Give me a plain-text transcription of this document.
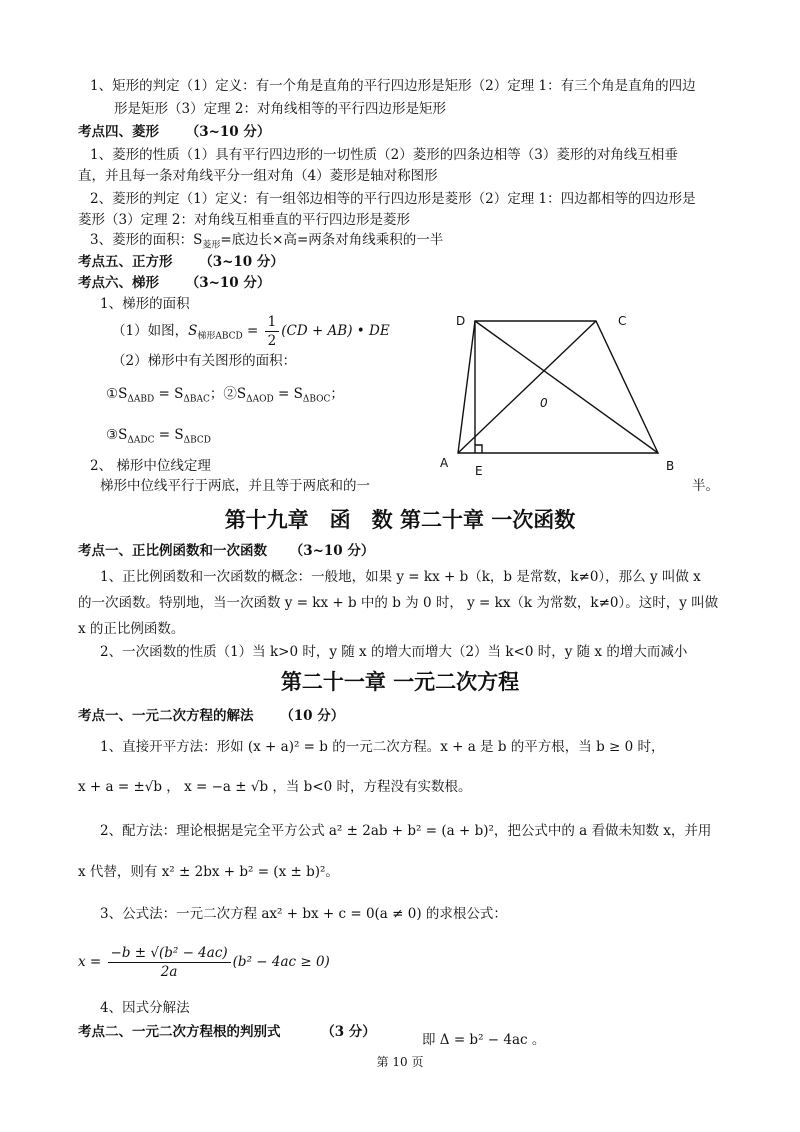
1、矩形的判定（1）定义：有一个角是直角的平行四边形是矩形（2）定理 1：有三个角是直角的四边
形是矩形（3）定理 2：对角线相等的平行四边形是矩形
考点四、菱形 （3~10 分）
1、菱形的性质（1）具有平行四边形的一切性质（2）菱形的四条边相等（3）菱形的对角线互相垂
直，并且每一条对角线平分一组对角（4）菱形是轴对称图形
2、菱形的判定（1）定义：有一组邻边相等的平行四边形是菱形（2）定理 1：四边都相等的四边形是
菱形（3）定理 2：对角线互相垂直的平行四边形是菱形
3、菱形的面积：$S_{菱形}=$底边长×高=两条对角线乘积的一半
考点五、正方形 （3~10 分）
考点六、梯形 （3~10 分）
1、梯形的面积
（1）如图，$S_{梯形ABCD} = \frac{1}{2} (CD + AB)$ • DE
（2）梯形中有关图形的面积：
$①S_{\Delta ABD} = S_{\Delta BAC}$；$②S_{\Delta AOD} = S_{\Delta BOC}$；
$③S_{\Delta ADC} = S_{\Delta BCD}$
2、 梯形中位线定理
梯形中位线平行于两底，并且等于两底和的一	半。
D	C
A
E	B
0
第十九章　函　数 第二十章 一次函数
考点一、正比例函数和一次函数 （3~10 分）
1、正比例函数和一次函数的概念：一般地，如果 y = kx + b（k，b 是常数，k≠0），那么 y 叫做 x
的一次函数。特别地，当一次函数 y = kx + b 中的 b 为 0 时， y = kx（k 为常数，k≠0）。这时，y 叫做
x 的正比例函数。
2、一次函数的性质（1）当 k>0 时，y 随 x 的增大而增大（2）当 k<0 时，y 随 x 的增大而减小
第二十一章 一元二次方程
考点一、一元二次方程的解法 （10 分）
1、直接开平方法：形如 (x + a)² = b 的一元二次方程。x + a 是 b 的平方根，当 b ≥ 0 时，
x + a = ±√b ， x = −a ± √b ，当 b<0 时，方程没有实数根。
2、配方法：理论根据是完全平方公式 a² ± 2ab + b² = (a + b)²，把公式中的 a 看做未知数 x，并用
x 代替，则有 x² ± 2bx + b² = (x ± b)²。
3、公式法：一元二次方程 ax² + bx + c = 0(a ≠ 0) 的求根公式：
$x = \frac{\text{−b ± √(b² − 4ac)}}{2a} (b^2 - 4ac \ge 0)$
4、因式分解法
考点二、一元二次方程根的判别式	（3 分）	即 Δ = b² − 4ac 。
第 10 页
